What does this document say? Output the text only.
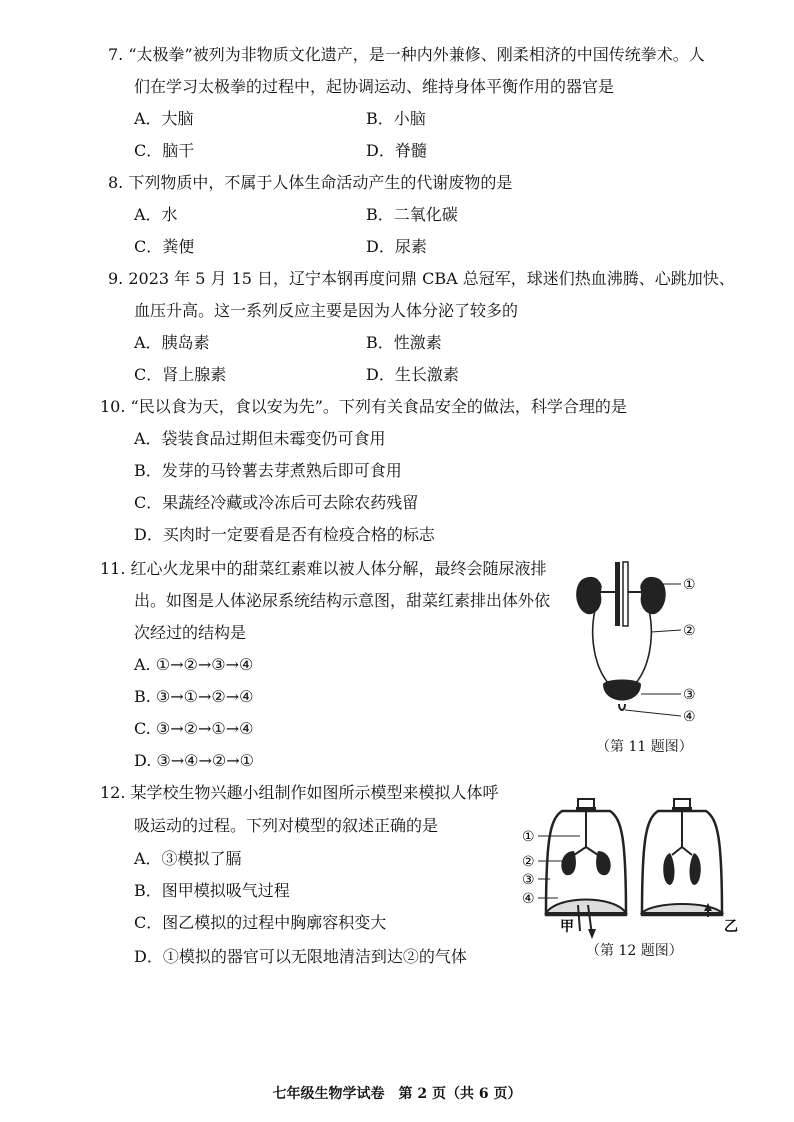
7. “太极拳”被列为非物质文化遗产，是一种内外兼修、刚柔相济的中国传统拳术。人
们在学习太极拳的过程中，起协调运动、维持身体平衡作用的器官是
A．大脑	B．小脑
C．脑干	D．脊髓
8. 下列物质中，不属于人体生命活动产生的代谢废物的是
A．水	B．二氧化碳
C．粪便	D．尿素
9. 2023 年 5 月 15 日，辽宁本钢再度问鼎 CBA 总冠军，球迷们热血沸腾、心跳加快、
血压升高。这一系列反应主要是因为人体分泌了较多的
A．胰岛素	B．性激素
C．肾上腺素	D．生长激素
10. “民以食为天，食以安为先”。下列有关食品安全的做法，科学合理的是
A．袋装食品过期但未霉变仍可食用
B．发芽的马铃薯去芽煮熟后即可食用
C．果蔬经冷藏或冷冻后可去除农药残留
D．买肉时一定要看是否有检疫合格的标志
11. 红心火龙果中的甜菜红素难以被人体分解，最终会随尿液排
出。如图是人体泌尿系统结构示意图，甜菜红素排出体外依
次经过的结构是
A. ①→②→③→④
B. ③→①→②→④
C. ③→②→①→④
D. ③→④→②→①
①
②
③
④
（第 11 题图）
12. 某学校生物兴趣小组制作如图所示模型来模拟人体呼
吸运动的过程。下列对模型的叙述正确的是
A．③模拟了膈
B．图甲模拟吸气过程
C．图乙模拟的过程中胸廓容积变大
D．①模拟的器官可以无限地清洁到达②的气体
①
②
③
④
甲	乙
（第 12 题图）
七年级生物学试卷　第 2 页（共 6 页）
